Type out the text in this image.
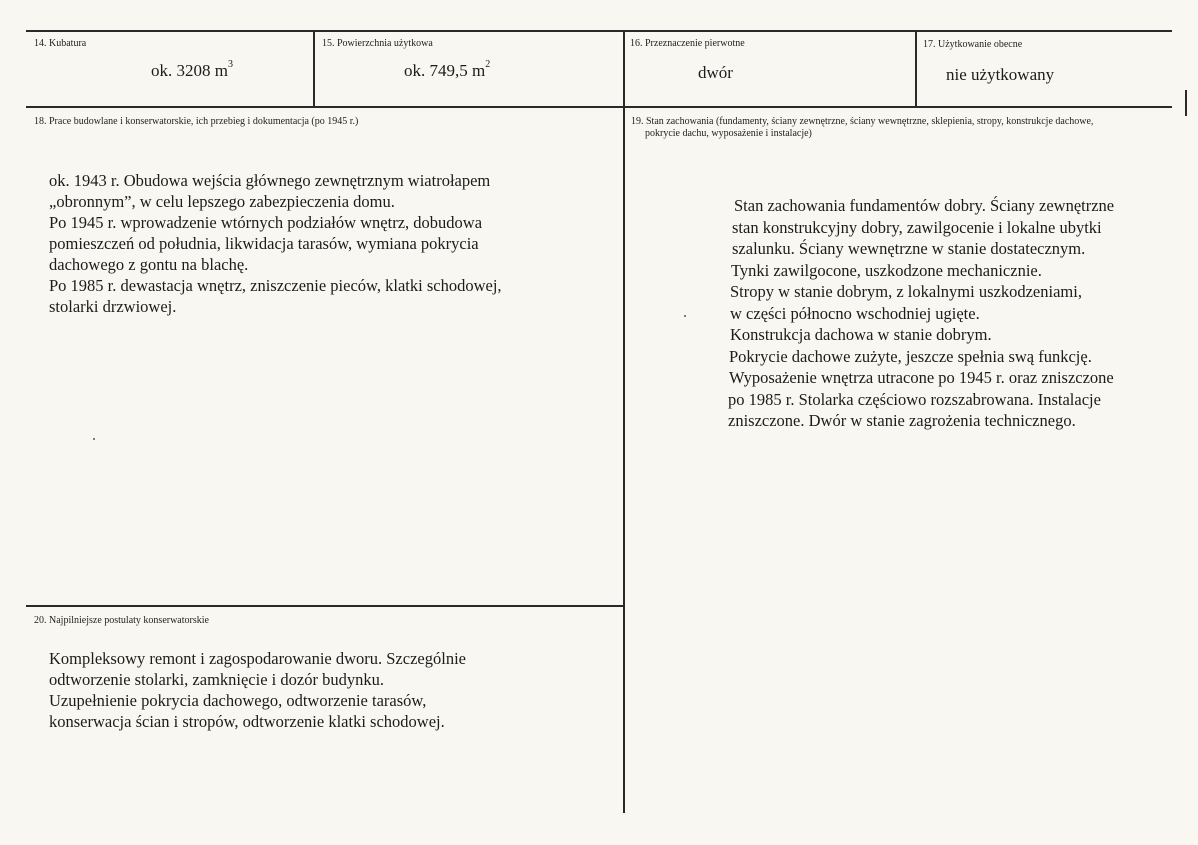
14. Kubatura
ok. 3208 $m^3$
15. Powierzchnia użytkowa
ok. 749,5 $m^2$
16. Przeznaczenie pierwotne
dwór
17. Użytkowanie obecne
nie użytkowany
18. Prace budowlane i konserwatorskie, ich przebieg i dokumentacja (po 1945 r.)

ok. 1943 r. Obudowa wejścia głównego zewnętrznym wiatrołapem

„obronnym”, w celu lepszego zabezpieczenia domu.

Po 1945 r. wprowadzenie wtórnych podziałów wnętrz, dobudowa

pomieszczeń od południa, likwidacja tarasów, wymiana pokrycia

dachowego z gontu na blachę.

Po 1985 r. dewastacja wnętrz, zniszczenie pieców, klatki schodowej,

stolarki drzwiowej.

19. Stan zachowania (fundamenty, ściany zewnętrzne, ściany wewnętrzne, sklepienia, stropy, konstrukcje dachowe,
pokrycie dachu, wyposażenie i instalacje)

Stan zachowania fundamentów dobry. Ściany zewnętrzne

stan konstrukcyjny dobry, zawilgocenie i lokalne ubytki

szalunku. Ściany wewnętrzne w stanie dostatecznym.

Tynki zawilgocone, uszkodzone mechanicznie.

Stropy w stanie dobrym, z lokalnymi uszkodzeniami,

w części północno wschodniej ugięte.

Konstrukcja dachowa w stanie dobrym.

Pokrycie dachowe zużyte, jeszcze spełnia swą funkcję.

Wyposażenie wnętrza utracone po 1945 r. oraz zniszczone

po 1985 r. Stolarka częściowo rozszabrowana. Instalacje

zniszczone. Dwór w stanie zagrożenia technicznego.

20. Najpilniejsze postulaty konserwatorskie

Kompleksowy remont i zagospodarowanie dworu. Szczególnie

odtworzenie stolarki, zamknięcie i dozór budynku.

Uzupełnienie pokrycia dachowego, odtworzenie tarasów,

konserwacja ścian i stropów, odtworzenie klatki schodowej.
